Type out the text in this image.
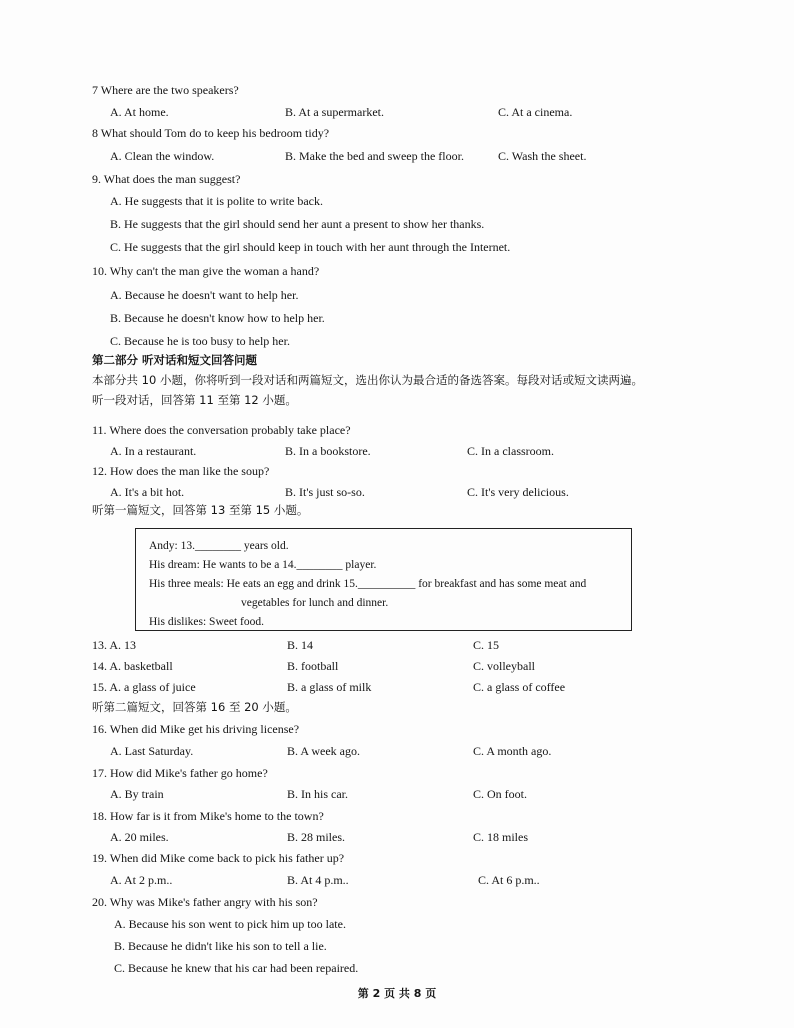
7 Where are the two speakers?
A. At home.	B. At a supermarket.	C. At a cinema.
8 What should Tom do to keep his bedroom tidy?
A. Clean the window.	B. Make the bed and sweep the floor.	C. Wash the sheet.
9. What does the man suggest?
A. He suggests that it is polite to write back.
B. He suggests that the girl should send her aunt a present to show her thanks.
C. He suggests that the girl should keep in touch with her aunt through the Internet.
10. Why can't the man give the woman a hand?
A. Because he doesn't want to help her.
B. Because he doesn't know how to help her.
C. Because he is too busy to help her.
第二部分 听对话和短文回答问题
本部分共 10 小题，你将听到一段对话和两篇短文，选出你认为最合适的备选答案。每段对话或短文读两遍。
听一段对话，回答第 11 至第 12 小题。
11. Where does the conversation probably take place?
A. In a restaurant.	B. In a bookstore.	C. In a classroom.
12. How does the man like the soup?
A. It's a bit hot.	B. It's just so-so.	C. It's very delicious.
听第一篇短文，回答第 13 至第 15 小题。
Andy: 13.________ years old.
His dream: He wants to be a 14.________ player.
His three meals: He eats an egg and drink 15.__________ for breakfast and has some meat and
vegetables for lunch and dinner.
His dislikes: Sweet food.
13. A. 13	B. 14	C. 15
14. A. basketball	B. football	C. volleyball
15. A. a glass of juice	B. a glass of milk	C. a glass of coffee
听第二篇短文，回答第 16 至 20 小题。
16. When did Mike get his driving license?
A. Last Saturday.	B. A week ago.	C. A month ago.
17. How did Mike's father go home?
A. By train	B. In his car.	C. On foot.
18. How far is it from Mike's home to the town?
A. 20 miles.	B. 28 miles.	C. 18 miles
19. When did Mike come back to pick his father up?
A. At 2 p.m..	B. At 4 p.m..	C. At 6 p.m..
20. Why was Mike's father angry with his son?
A. Because his son went to pick him up too late.
B. Because he didn't like his son to tell a lie.
C. Because he knew that his car had been repaired.
第 2 页 共 8 页
